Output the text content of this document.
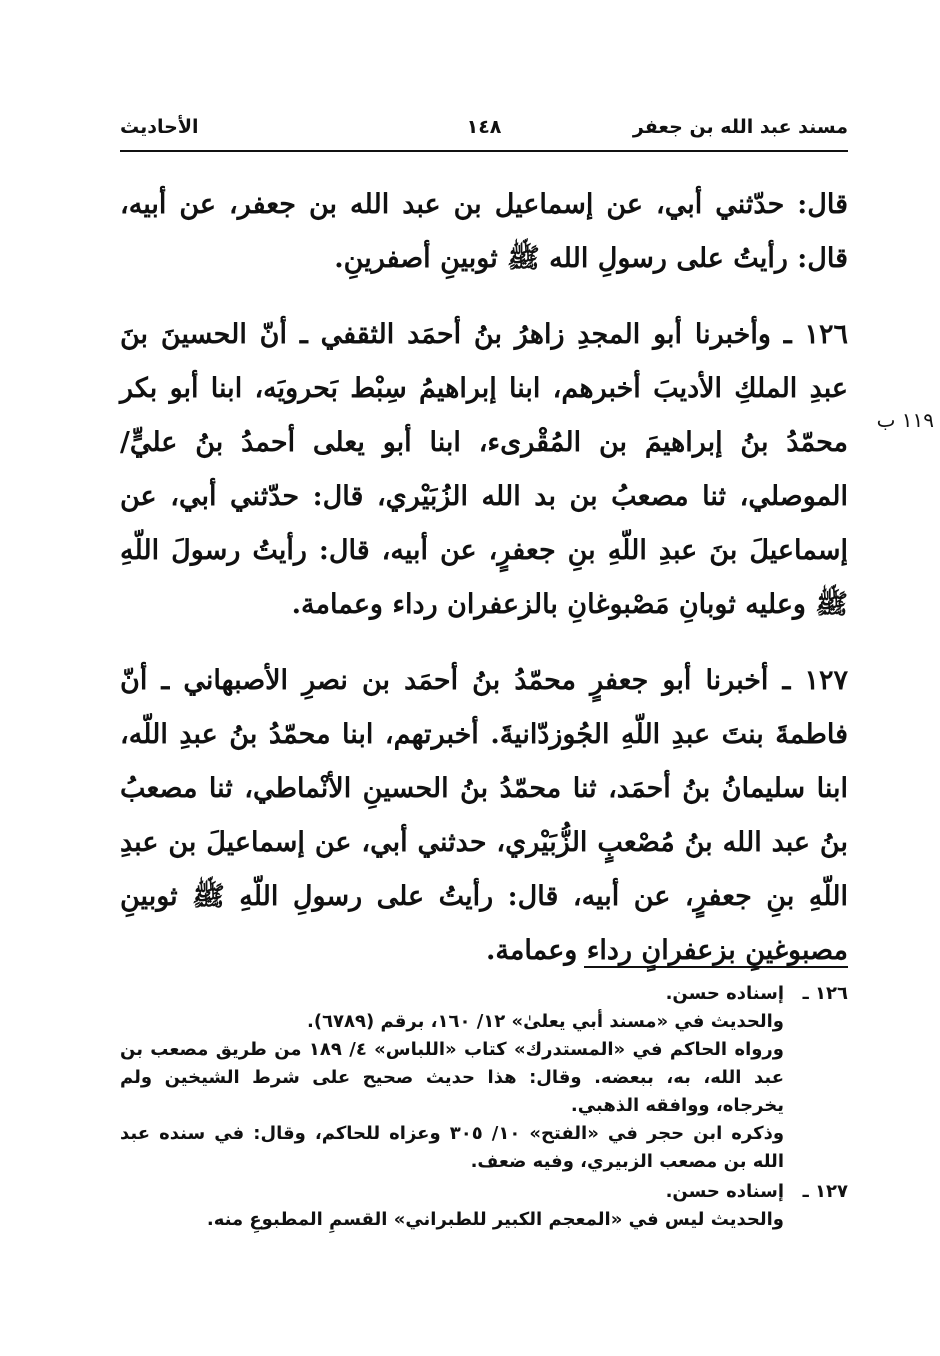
مسند عبد الله بن جعفر
١٤٨
الأحاديث
١١٩ ب

قال: حدّثني أبي، عن إسماعيل بن عبد الله بن جعفر، عن أبيه، قال: رأيتُ على رسولِ الله ﷺ ثوبينِ أصفرينِ.

١٢٦ ـ وأخبرنا أبو المجدِ زاهرُ بنُ أحمَد الثقفي ـ أنّ الحسينَ بنَ عبدِ الملكِ الأديبَ أخبرهم، ابنا إبراهيمُ سِبْط بَحرويَه، ابنا أبو بكر محمّدُ بنُ إبراهيمَ بن المُقْرىء، ابنا أبو يعلى أحمدُ بنُ عليٍّ/ الموصلي، ثنا مصعبُ بن بد الله الزُبَيْري، قال: حدّثني أبي، عن إسماعيلَ بنَ عبدِ اللّهِ بنِ جعفرٍ، عن أبيه، قال: رأيتُ رسولَ اللّهِ ﷺ وعليه ثوبانِ مَصْبوغانِ بالزعفران رداء وعمامة.

١٢٧ ـ أخبرنا أبو جعفرٍ محمّدُ بنُ أحمَد بن نصرِ الأصبهاني ـ أنّ فاطمةَ بنتَ عبدِ اللّهِ الجُوزدّانيةَ. أخبرتهم، ابنا محمّدُ بنُ عبدِ اللّه، ابنا سليمانُ بنُ أحمَد، ثنا محمّدُ بنُ الحسينِ الأنْماطي، ثنا مصعبُ بنُ عبد الله بنُ مُصْعبٍ الزُّبَيْري، حدثني أبي، عن إسماعيلَ بن عبدِ اللّهِ بنِ جعفرٍ، عن أبيه، قال: رأيتُ على رسولِ اللّهِ ﷺ ثوبينِ مصبوغينِ بزعفرانٍ رداء وعمامة.

١٢٦ ـ
إسناده حسن.
والحديث في «مسند أبي يعلىٰ» ١٢/ ١٦٠، برقم (٦٧٨٩).
ورواه الحاكم في «المستدرك» كتاب «اللباس» ٤/ ١٨٩ من طريق مصعب بن عبد الله، به، ببعضه. وقال: هذا حديث صحيح على شرط الشيخين ولم يخرجاه، ووافقه الذهبي.
وذكره ابن حجر في «الفتح» ١٠/ ٣٠٥ وعزاه للحاكم، وقال: في سنده عبد الله بن مصعب الزبيري، وفيه ضعف.
١٢٧ ـ
إسناده حسن.
والحديث ليس في «المعجم الكبير للطبراني» القسمِ المطبوعِ منه.
